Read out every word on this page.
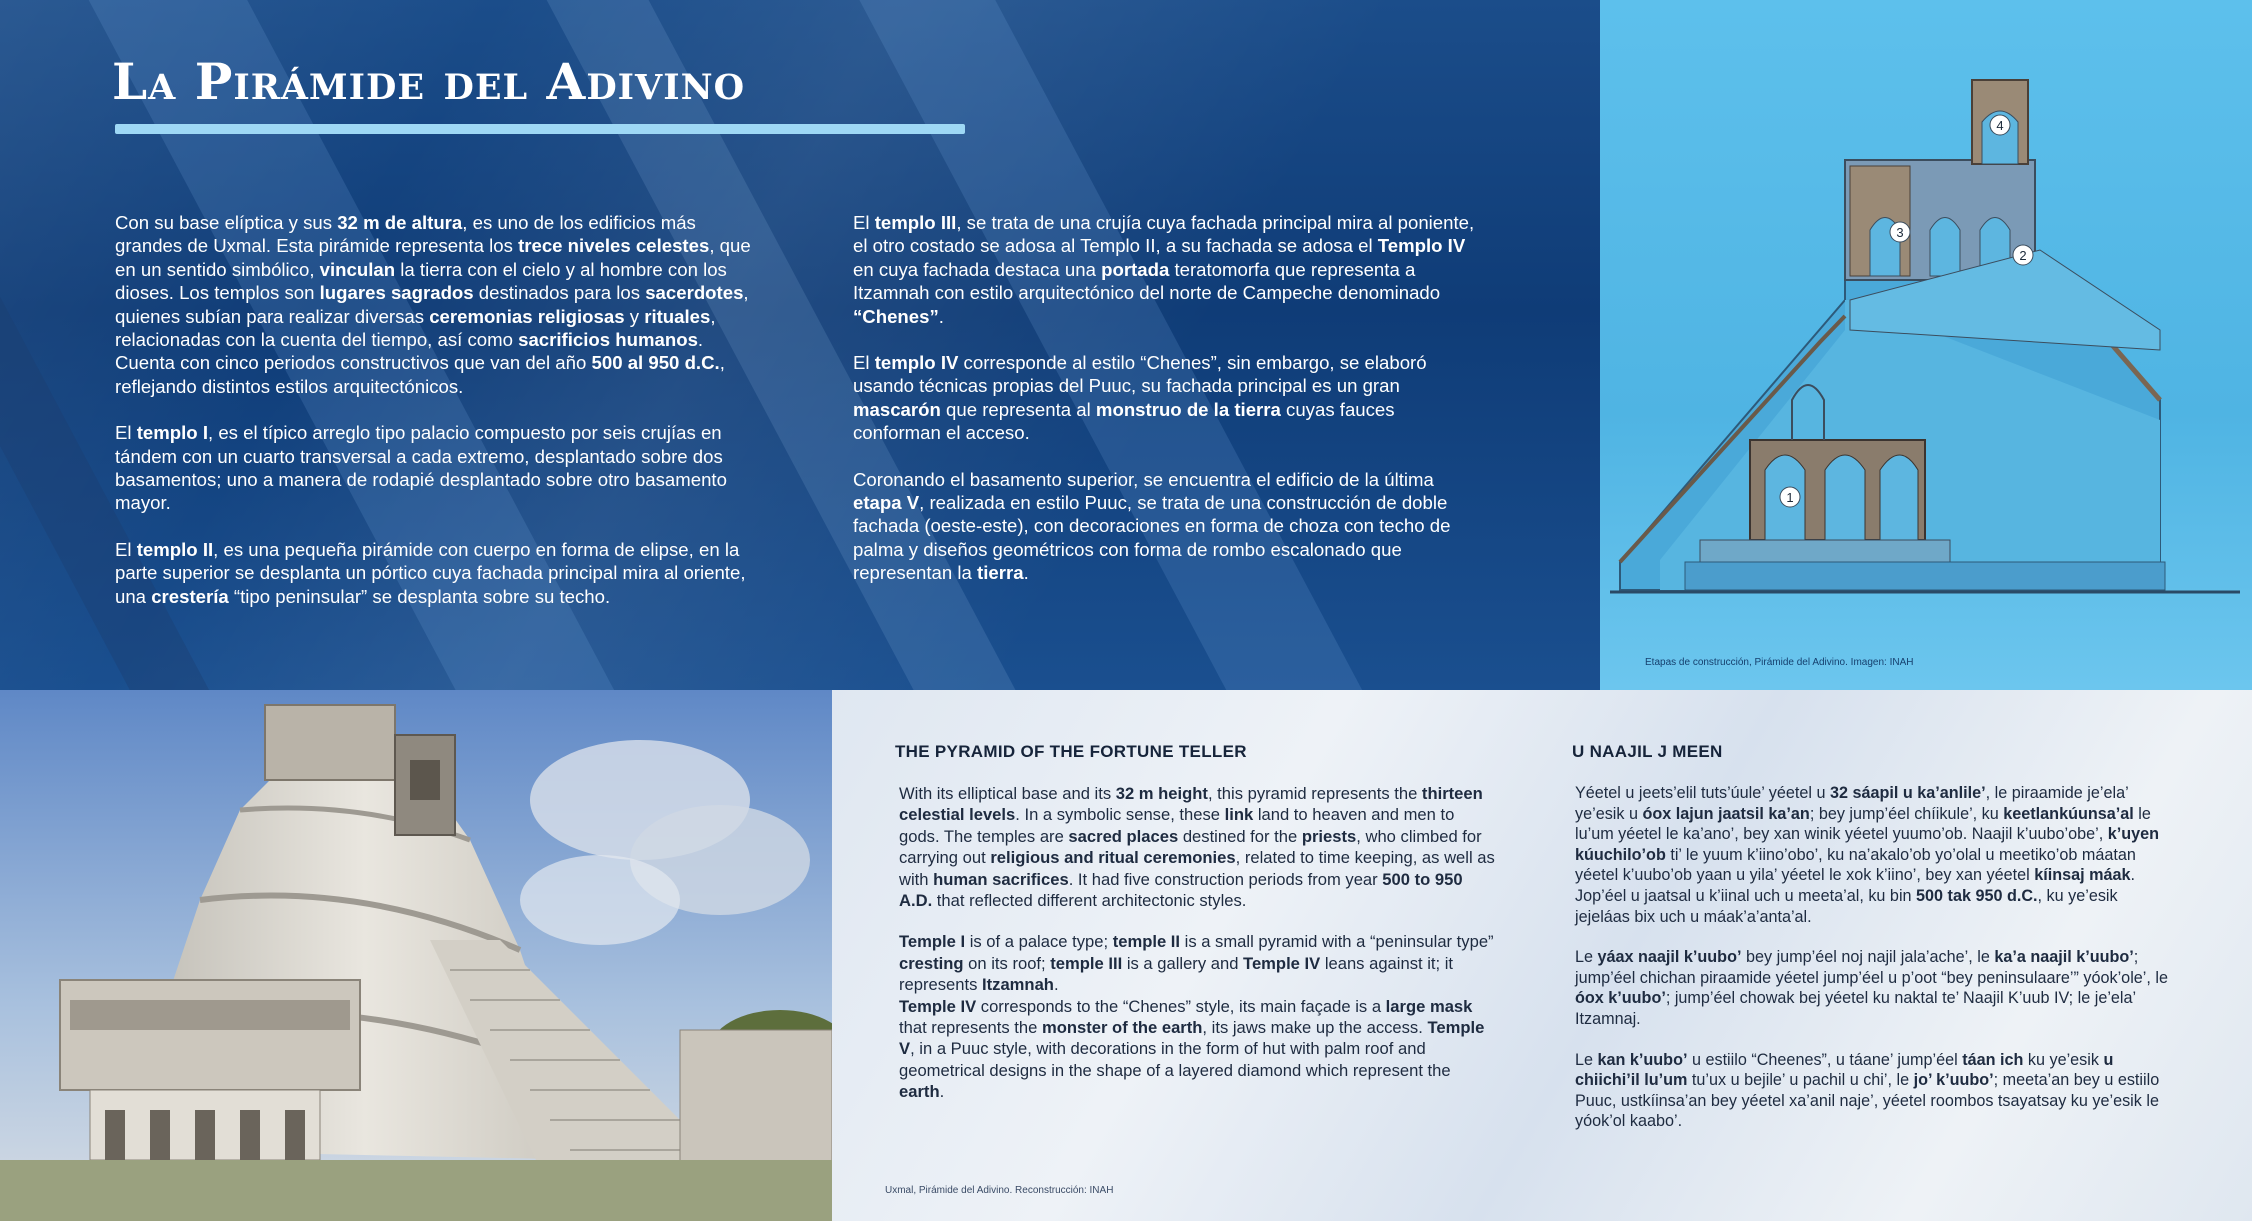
La Pirámide del Adivino

Con su base elíptica y sus 32 m de altura, es uno de los edificios más grandes de Uxmal. Esta pirámide representa los trece niveles celestes, que en un sentido simbólico, vinculan la tierra con el cielo y al hombre con los dioses. Los templos son lugares sagrados destinados para los sacerdotes, quienes subían para realizar diversas ceremonias religiosas y rituales, relacionadas con la cuenta del tiempo, así como sacrificios humanos. Cuenta con cinco periodos constructivos que van del año 500 al 950 d.C., reflejando distintos estilos arquitectónicos.

El templo I, es el típico arreglo tipo palacio compuesto por seis crujías en tándem con un cuarto transversal a cada extremo, desplantado sobre dos basamentos; uno a manera de rodapié desplantado sobre otro basamento mayor.

El templo II, es una pequeña pirámide con cuerpo en forma de elipse, en la parte superior se desplanta un pórtico cuya fachada principal mira al oriente, una crestería “tipo peninsular” se desplanta sobre su techo.

El templo III, se trata de una crujía cuya fachada principal mira al poniente, el otro costado se adosa al Templo II, a su fachada se adosa el Templo IV en cuya fachada destaca una portada teratomorfa que representa a Itzamnah con estilo arquitectónico del norte de Campeche denominado “Chenes”.

El templo IV corresponde al estilo “Chenes”, sin embargo, se elaboró usando técnicas propias del Puuc, su fachada principal es un gran mascarón que representa al monstruo de la tierra cuyas fauces conforman el acceso.

Coronando el basamento superior, se encuentra el edificio de la última etapa V, realizada en estilo Puuc, se trata de una construcción de doble fachada (oeste-este), con decoraciones en forma de choza con techo de palma y diseños geométricos con forma de rombo escalonado que representan la tierra.

1
2
3
4
Etapas de construcción, Pirámide del Adivino. Imagen: INAH
THE PYRAMID OF THE FORTUNE TELLER

With its elliptical base and its 32 m height, this pyramid represents the thirteen celestial levels. In a symbolic sense, these link land to heaven and men to gods. The temples are sacred places destined for the priests, who climbed for carrying out religious and ritual ceremonies, related to time keeping, as well as with human sacrifices. It had five construction periods from year 500 to 950 A.D. that reflected different architectonic styles.

Temple I is of a palace type; temple II is a small pyramid with a “peninsular type” cresting on its roof; temple III is a gallery and Temple IV leans against it; it represents Itzamnah.
Temple IV corresponds to the “Chenes” style, its main façade is a large mask that represents the monster of the earth, its jaws make up the access. Temple V, in a Puuc style, with decorations in the form of hut with palm roof and geometrical designs in the shape of a layered diamond which represent the earth.

U NAAJIL J MEEN

Yéetel u jeets’elil tuts’úule’ yéetel u 32 sáapil u ka’anlile’, le piraamide je’ela’ ye’esik u óox lajun jaatsil ka’an; bey jump’éel chíikule’, ku keetlankúunsa’al le lu’um yéetel le ka’ano’, bey xan winik yéetel yuumo’ob. Naajil k’uubo’obe’, k’uyen kúuchilo’ob ti’ le yuum k’iino’obo’, ku na’akalo’ob yo’olal u meetiko’ob máatan yéetel k’uubo’ob yaan u yila’ yéetel le xok k’iino’, bey xan yéetel kíinsaj máak. Jop’éel u jaatsal u k’iinal uch u meeta’al, ku bin 500 tak 950 d.C., ku ye’esik jejeláas bix uch u máak’a’anta’al.

Le yáax naajil k’uubo’ bey jump’éel noj najil jala’ache’, le ka’a naajil k’uubo’; jump’éel chichan piraamide yéetel jump’éel u p’oot “bey peninsulaare’” yóok’ole’, le óox k’uubo’; jump’éel chowak bej yéetel ku naktal te’ Naajil K’uub IV; le je’ela’ Itzamnaj.

Le kan k’uubo’ u estiilo “Cheenes”, u táane’ jump’éel táan ich ku ye’esik u chiichi’il lu’um tu’ux u bejile’ u pachil u chi’, le jo’ k’uubo’; meeta’an bey u estiilo Puuc, ustkíinsa’an bey yéetel xa’anil naje’, yéetel roombos tsayatsay ku ye’esik le yóok’ol kaabo’.

Uxmal, Pirámide del Adivino. Reconstrucción: INAH
